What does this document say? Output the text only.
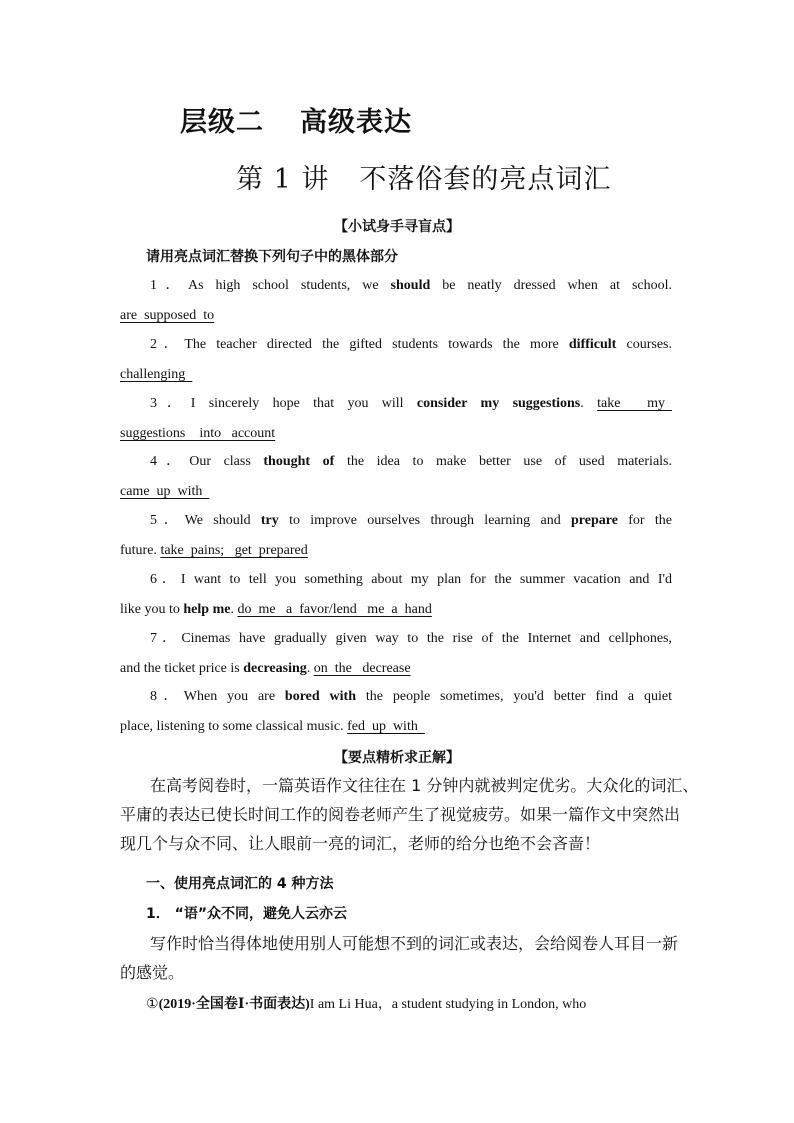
层级二 高级表达
第 1 讲 不落俗套的亮点词汇
【小试身手寻盲点】
请用亮点词汇替换下列句子中的黑体部分
1．As high school students, we should be neatly dressed when at school.
are  supposed  to
2．The teacher directed the gifted students towards the more difficult courses.
challenging
3．I sincerely hope that you will consider my suggestions. take  my
suggestions    into   account
4．Our class thought of the idea to make better use of used materials.
came  up  with
5．We should try to improve ourselves through learning and prepare for the
future. take  pains;   get  prepared
6．I want to tell you something about my plan for the summer vacation and I'd
like you to help me. do  me   a  favor/lend   me  a  hand
7．Cinemas have gradually given way to the rise of the Internet and cellphones,
and the ticket price is decreasing. on  the   decrease
8．When you are bored with the people sometimes, you'd better find a quiet
place, listening to some classical music. fed  up  with
【要点精析求正解】
在高考阅卷时，一篇英语作文往往在 1 分钟内就被判定优劣。大众化的词汇、
平庸的表达已使长时间工作的阅卷老师产生了视觉疲劳。如果一篇作文中突然出
现几个与众不同、让人眼前一亮的词汇，老师的给分也绝不会吝啬！
一、使用亮点词汇的 4 种方法
1． “语”众不同，避免人云亦云
写作时恰当得体地使用别人可能想不到的词汇或表达，会给阅卷人耳目一新
的感觉。
①(2019·全国卷Ⅰ·书面表达)I am Li Hua，a student studying in London, who
